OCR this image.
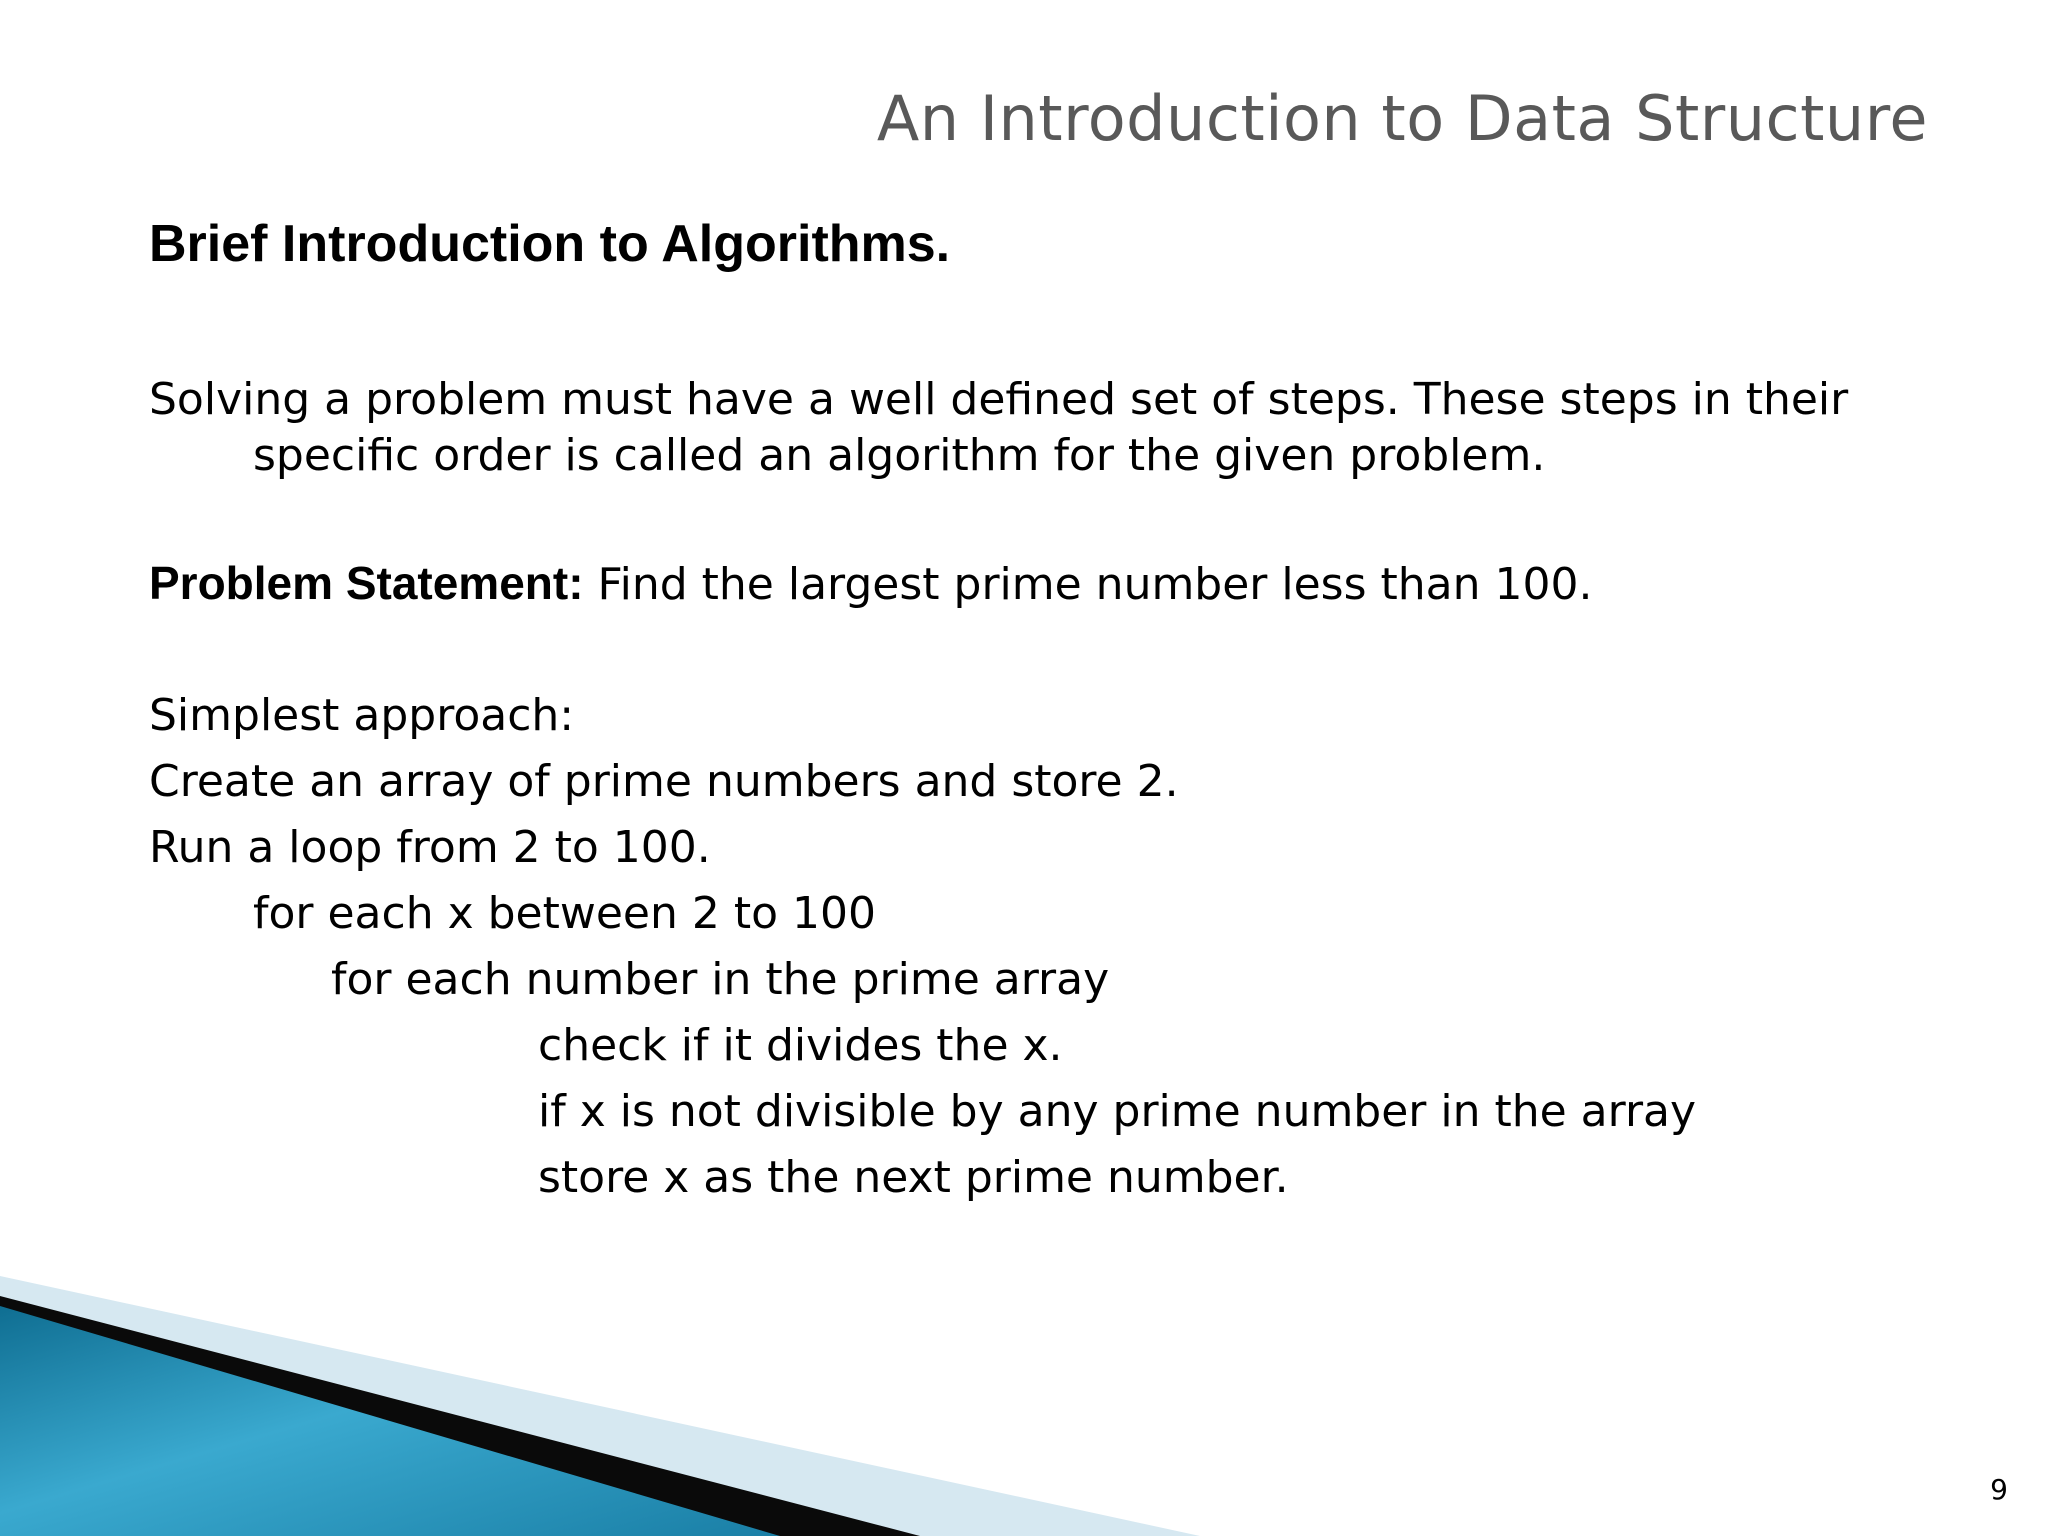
An Introduction to Data Structure
Brief Introduction to Algorithms.
Solving a problem must have a well defined set of steps. These steps in their
specific order is called an algorithm for the given problem.
Problem Statement: Find the largest prime number less than 100.
Simplest approach:
Create an array of prime numbers and store 2.
Run a loop from 2 to 100.
for each x between 2 to 100
for each number in the prime array
check if it divides the x.
if x is not divisible by any prime number in the array
store x as the next prime number.
9
